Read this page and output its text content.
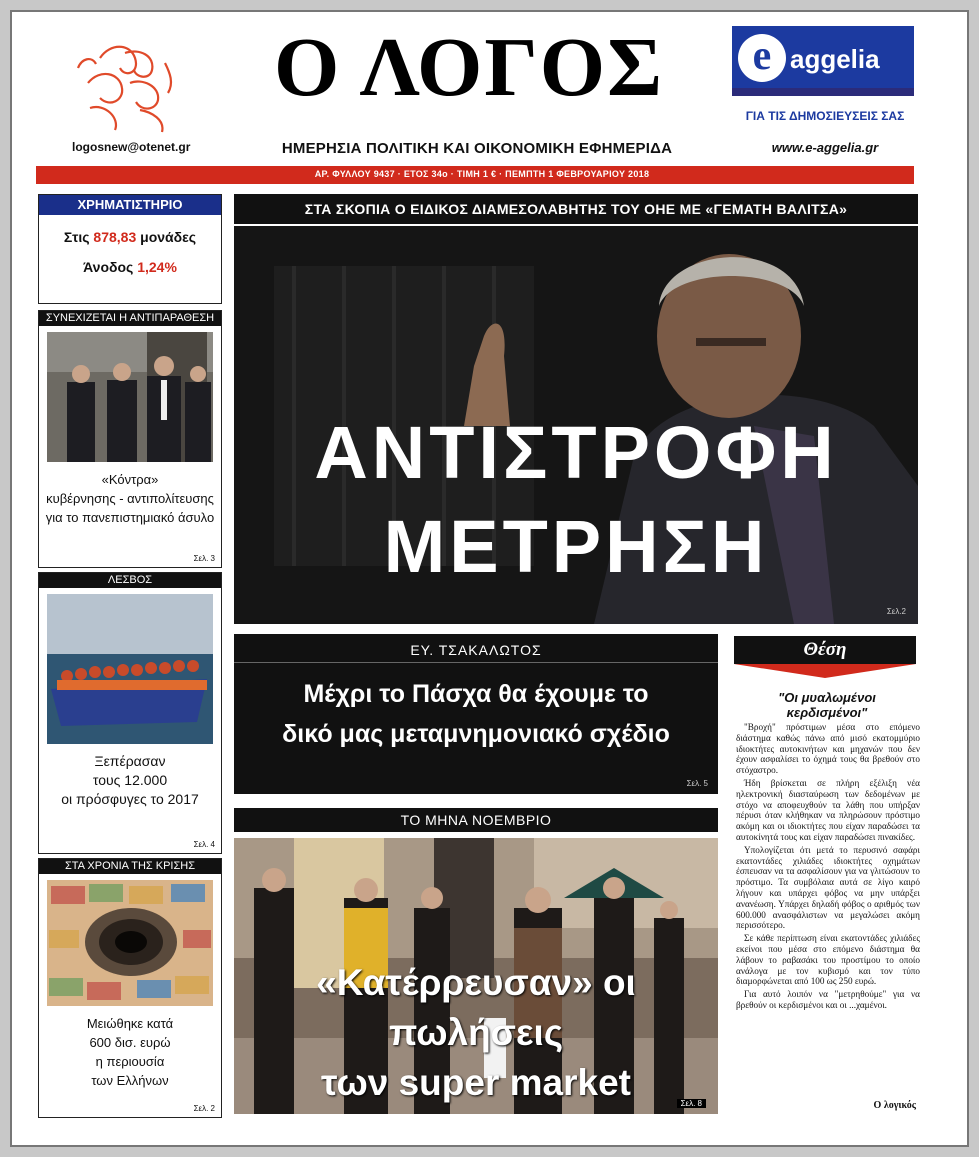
logosnew@otenet.gr
Ο ΛΟΓΟΣ
ΗΜΕΡΗΣΙΑ ΠΟΛΙΤΙΚΗ ΚΑΙ ΟΙΚΟΝΟΜΙΚΗ ΕΦΗΜΕΡΙΔΑ
e aggelia
ΓΙΑ ΤΙΣ ΔΗΜΟΣΙΕΥΣΕΙΣ ΣΑΣ
www.e-aggelia.gr
ΑΡ. ΦΥΛΛΟΥ 9437 · ΕΤΟΣ 34ο · ΤΙΜΗ 1 € · ΠΕΜΠΤΗ 1 ΦΕΒΡΟΥΑΡΙΟΥ 2018
ΧΡΗΜΑΤΙΣΤΗΡΙΟ
Στις 878,83 μονάδες
Άνοδος 1,24%
ΣΥΝΕΧΙΖΕΤΑΙ Η ΑΝΤΙΠΑΡΑΘΕΣΗ
«Κόντρα»
κυβέρνησης - αντιπολίτευσης
για το πανεπιστημιακό άσυλο
Σελ. 3
ΛΕΣΒΟΣ
Ξεπέρασαν
τους 12.000
οι πρόσφυγες το 2017
Σελ. 4
ΣΤΑ ΧΡΟΝΙΑ ΤΗΣ ΚΡΙΣΗΣ
Μειώθηκε κατά
600 δισ. ευρώ
η περιουσία
των Ελλήνων
Σελ. 2
ΣΤΑ ΣΚΟΠΙΑ Ο ΕΙΔΙΚΟΣ ΔΙΑΜΕΣΟΛΑΒΗΤΗΣ ΤΟΥ ΟΗΕ ΜΕ «ΓΕΜΑΤΗ ΒΑΛΙΤΣΑ»
ΑΝΤΙΣΤΡΟΦΗ
ΜΕΤΡΗΣΗ
Σελ.2
ΕΥ. ΤΣΑΚΑΛΩΤΟΣ
Μέχρι το Πάσχα θα έχουμε το
δικό μας μεταμνημονιακό σχέδιο
Σελ. 5
ΤΟ ΜΗΝΑ ΝΟΕΜΒΡΙΟ
«Κατέρρευσαν» οι πωλήσεις
των super market
Σελ. 8
Θέση
"Οι μυαλωμένοι κερδισμένοι"

"Βροχή" πρόστιμων μέσα στο επόμενο διάστημα καθώς πάνω από μισό εκατομμύριο ιδιοκτήτες αυτοκινήτων και μηχανών που δεν έχουν ασφαλίσει το όχημά τους θα βρεθούν στο στόχαστρο.

Ήδη βρίσκεται σε πλήρη εξέλιξη νέα ηλεκτρονική διασταύρωση των δεδομένων με στόχο να αποφευχθούν τα λάθη που υπήρξαν πέρυσι όταν κλήθηκαν να πληρώσουν πρόστιμο ακόμη και οι ιδιοκτήτες που είχαν παραδώσει τα αυτοκίνητά τους και είχαν παραδώσει πινακίδες.

Υπολογίζεται ότι μετά το περυσινό σαφάρι εκατοντάδες χιλιάδες ιδιοκτήτες οχημάτων έσπευσαν να τα ασφαλίσουν για να γλιτώσουν το πρόστιμο. Τα συμβόλαια αυτά σε λίγο καιρό λήγουν και υπάρχει φόβος να μην υπάρξει ανανέωση. Υπάρχει δηλαδή φόβος ο αριθμός των 600.000 ανασφάλιστων να μεγαλώσει ακόμη περισσότερο.

Σε κάθε περίπτωση είναι εκατοντάδες χιλιάδες εκείνοι που μέσα στο επόμενο διάστημα θα λάβουν το ραβασάκι του προστίμου το οποίο ανάλογα με τον κυβισμό και τον τύπο διαμορφώνεται από 100 ως 250 ευρώ.

Για αυτό λοιπόν να "μετρηθούμε" για να βρεθούν οι κερδισμένοι και οι ...χαμένοι.

Ο λογικός
